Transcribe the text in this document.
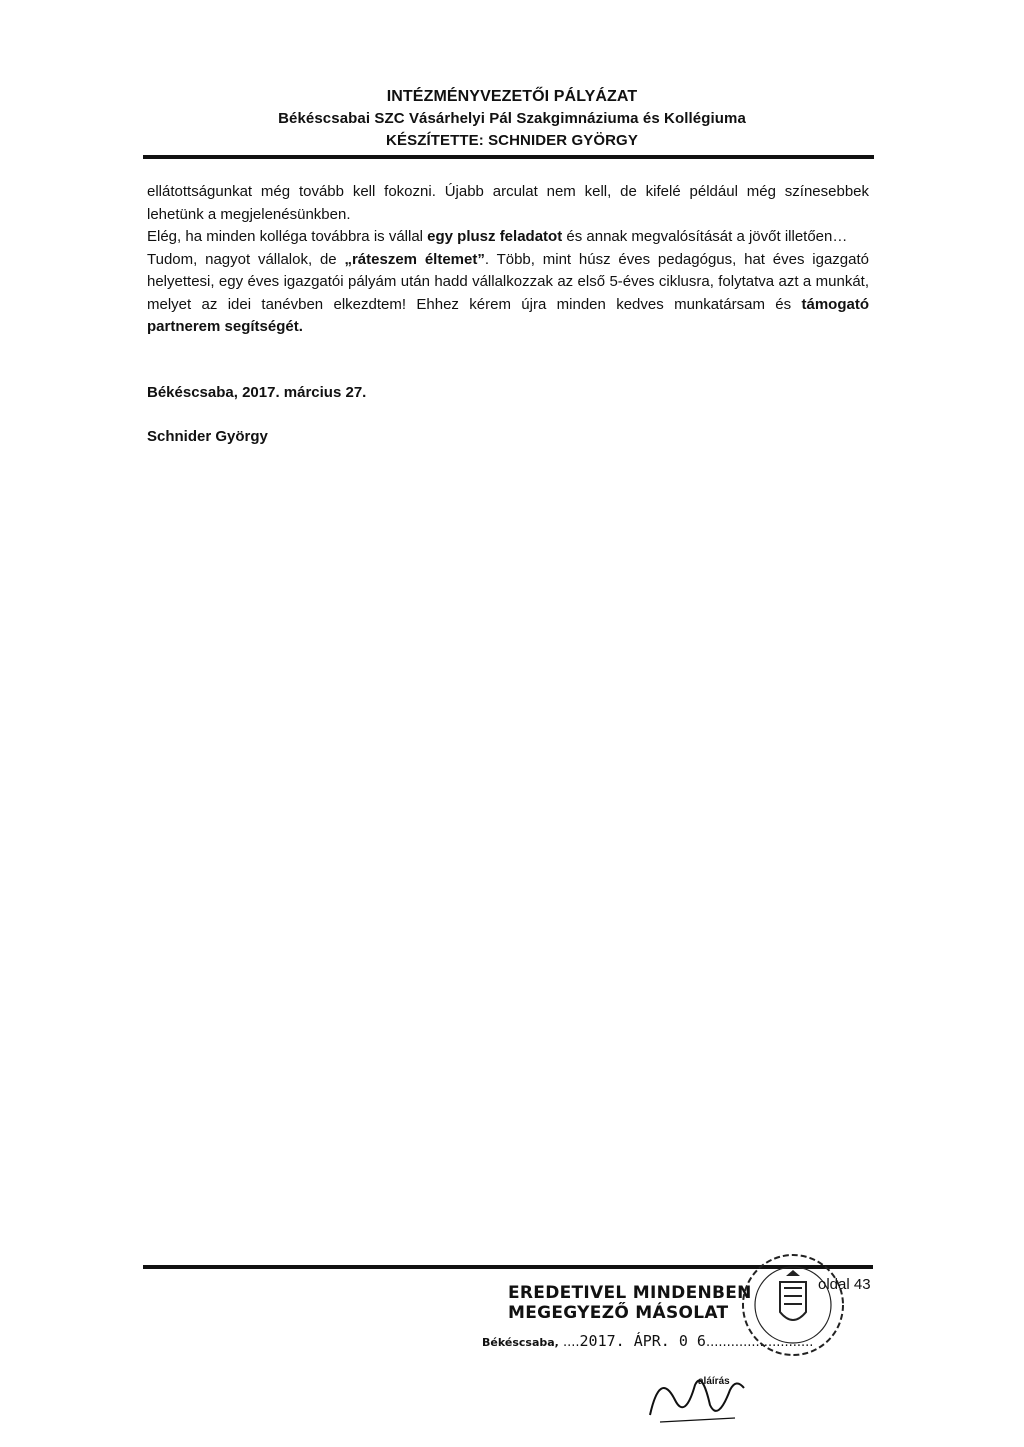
INTÉZMÉNYVEZETŐI PÁLYÁZAT
Békéscsabai SZC Vásárhelyi Pál Szakgimnáziuma és Kollégiuma
KÉSZÍTETTE: SCHNIDER GYÖRGY

ellátottságunkat még tovább kell fokozni. Újabb arculat nem kell, de kifelé például még színesebbek lehetünk a megjelenésünkben.

Elég, ha minden kolléga továbbra is vállal egy plusz feladatot és annak megvalósítását a jövőt illetően…

Tudom, nagyot vállalok, de „ráteszem éltemet”. Több, mint húsz éves pedagógus, hat éves igazgató helyettesi, egy éves igazgatói pályám után hadd vállalkozzak az első 5-éves ciklusra, folytatva azt a munkát, melyet az idei tanévben elkezdtem! Ehhez kérem újra minden kedves munkatársam és támogató partnerem segítségét.

Békéscsaba, 2017. március 27.
Schnider György
EREDETIVEL MINDENBEN
MEGEGYEZŐ MÁSOLAT
Békéscsaba, ....2017. ÁPR. 0 6..........................
oldal 43
aláírás
